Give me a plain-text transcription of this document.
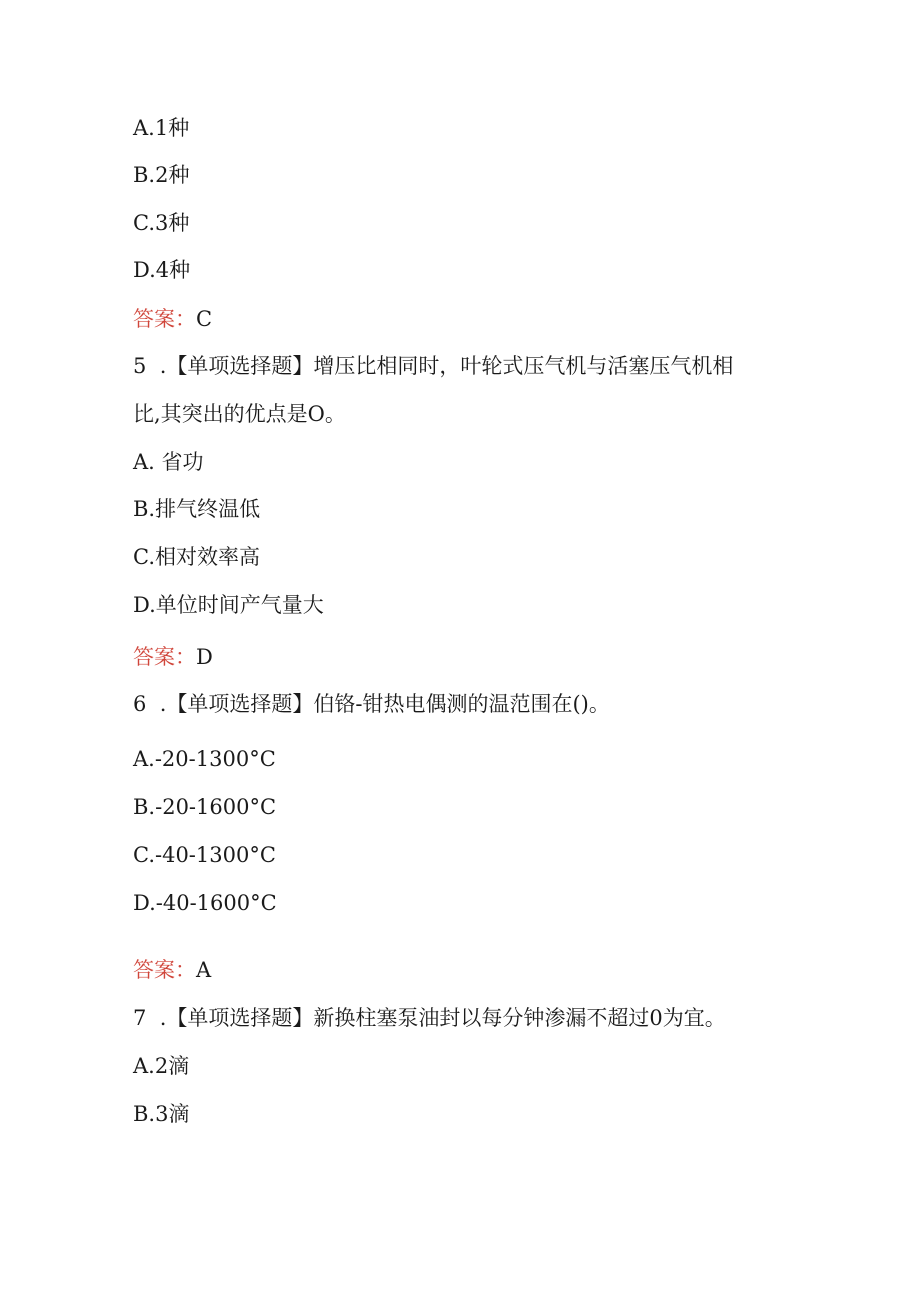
A.1种
B.2种
C.3种
D.4种
答案：C
5  .【单项选择题】增压比相同时，叶轮式压气机与活塞压气机相
比,其突出的优点是O。
A. 省功
B.排气终温低
C.相对效率高
D.单位时间产气量大
答案：D
6  .【单项选择题】伯铬-钳热电偶测的温范围在()。
A.-20-1300°C
B.-20-1600°C
C.-40-1300°C
D.-40-1600°C
答案：A
7  .【单项选择题】新换柱塞泵油封以每分钟渗漏不超过0为宜。
A.2滴
B.3滴
